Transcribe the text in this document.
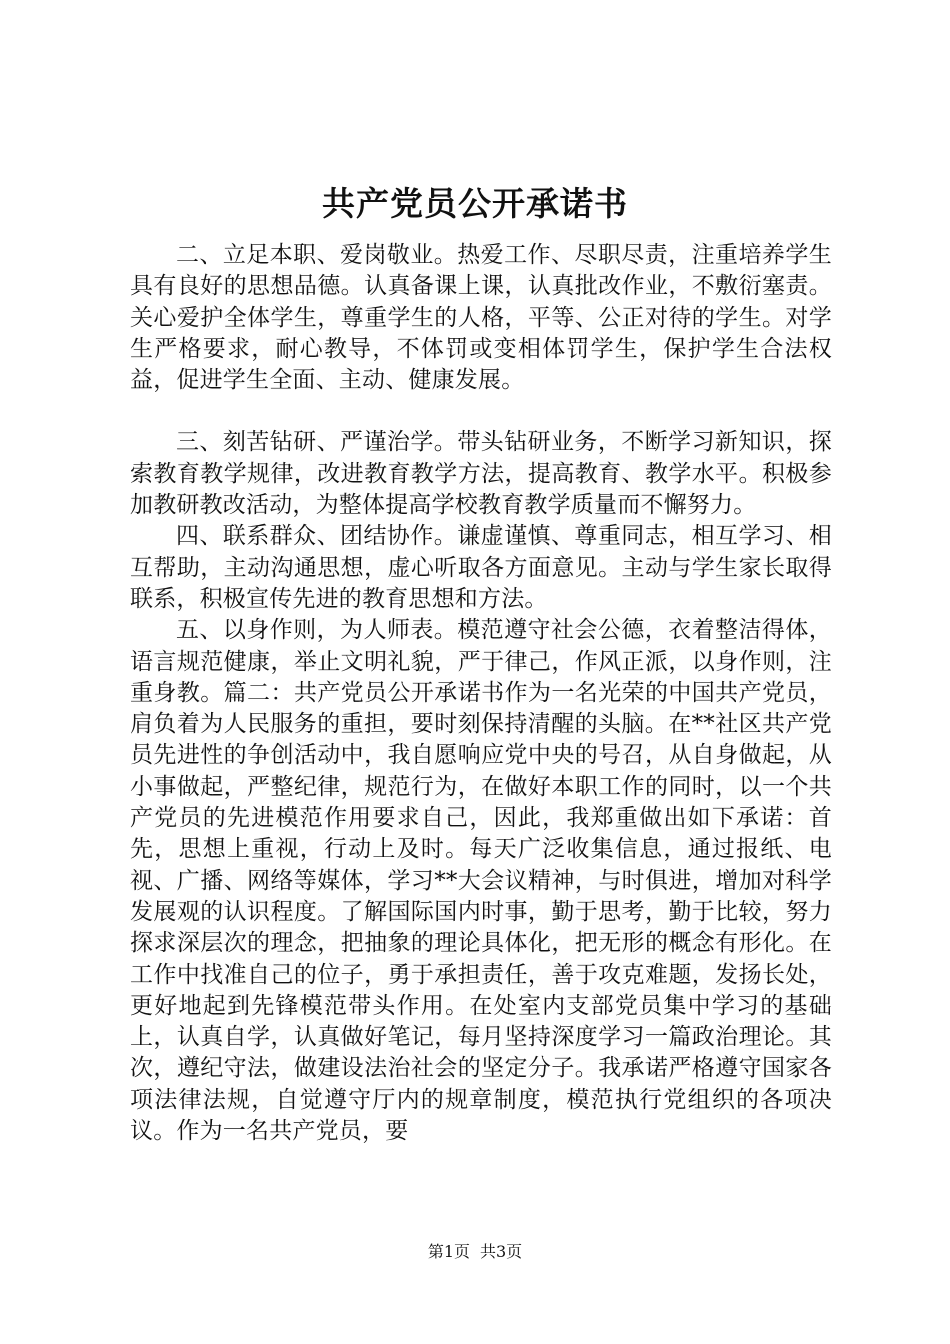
共产党员公开承诺书

二、立足本职、爱岗敬业。热爱工作、尽职尽责，注重培养学生具有良好的思想品德。认真备课上课，认真批改作业，不敷衍塞责。关心爱护全体学生，尊重学生的人格，平等、公正对待的学生。对学生严格要求，耐心教导，不体罚或变相体罚学生，保护学生合法权益，促进学生全面、主动、健康发展。

三、刻苦钻研、严谨治学。带头钻研业务，不断学习新知识，探索教育教学规律，改进教育教学方法，提高教育、教学水平。积极参加教研教改活动，为整体提高学校教育教学质量而不懈努力。

四、联系群众、团结协作。谦虚谨慎、尊重同志，相互学习、相互帮助，主动沟通思想，虚心听取各方面意见。主动与学生家长取得联系，积极宣传先进的教育思想和方法。

五、以身作则，为人师表。模范遵守社会公德，衣着整洁得体，语言规范健康，举止文明礼貌，严于律己，作风正派，以身作则，注重身教。篇二：共产党员公开承诺书作为一名光荣的中国共产党员，肩负着为人民服务的重担，要时刻保持清醒的头脑。在**社区共产党员先进性的争创活动中，我自愿响应党中央的号召，从自身做起，从小事做起，严整纪律，规范行为，在做好本职工作的同时，以一个共产党员的先进模范作用要求自己，因此，我郑重做出如下承诺：首先，思想上重视，行动上及时。每天广泛收集信息，通过报纸、电视、广播、网络等媒体，学习**大会议精神，与时俱进，增加对科学发展观的认识程度。了解国际国内时事，勤于思考，勤于比较，努力探求深层次的理念，把抽象的理论具体化，把无形的概念有形化。在工作中找准自己的位子，勇于承担责任，善于攻克难题，发扬长处，更好地起到先锋模范带头作用。在处室内支部党员集中学习的基础上，认真自学，认真做好笔记，每月坚持深度学习一篇政治理论。其次，遵纪守法，做建设法治社会的坚定分子。我承诺严格遵守国家各项法律法规，自觉遵守厅内的规章制度，模范执行党组织的各项决议。作为一名共产党员，要

第1页 共3页
